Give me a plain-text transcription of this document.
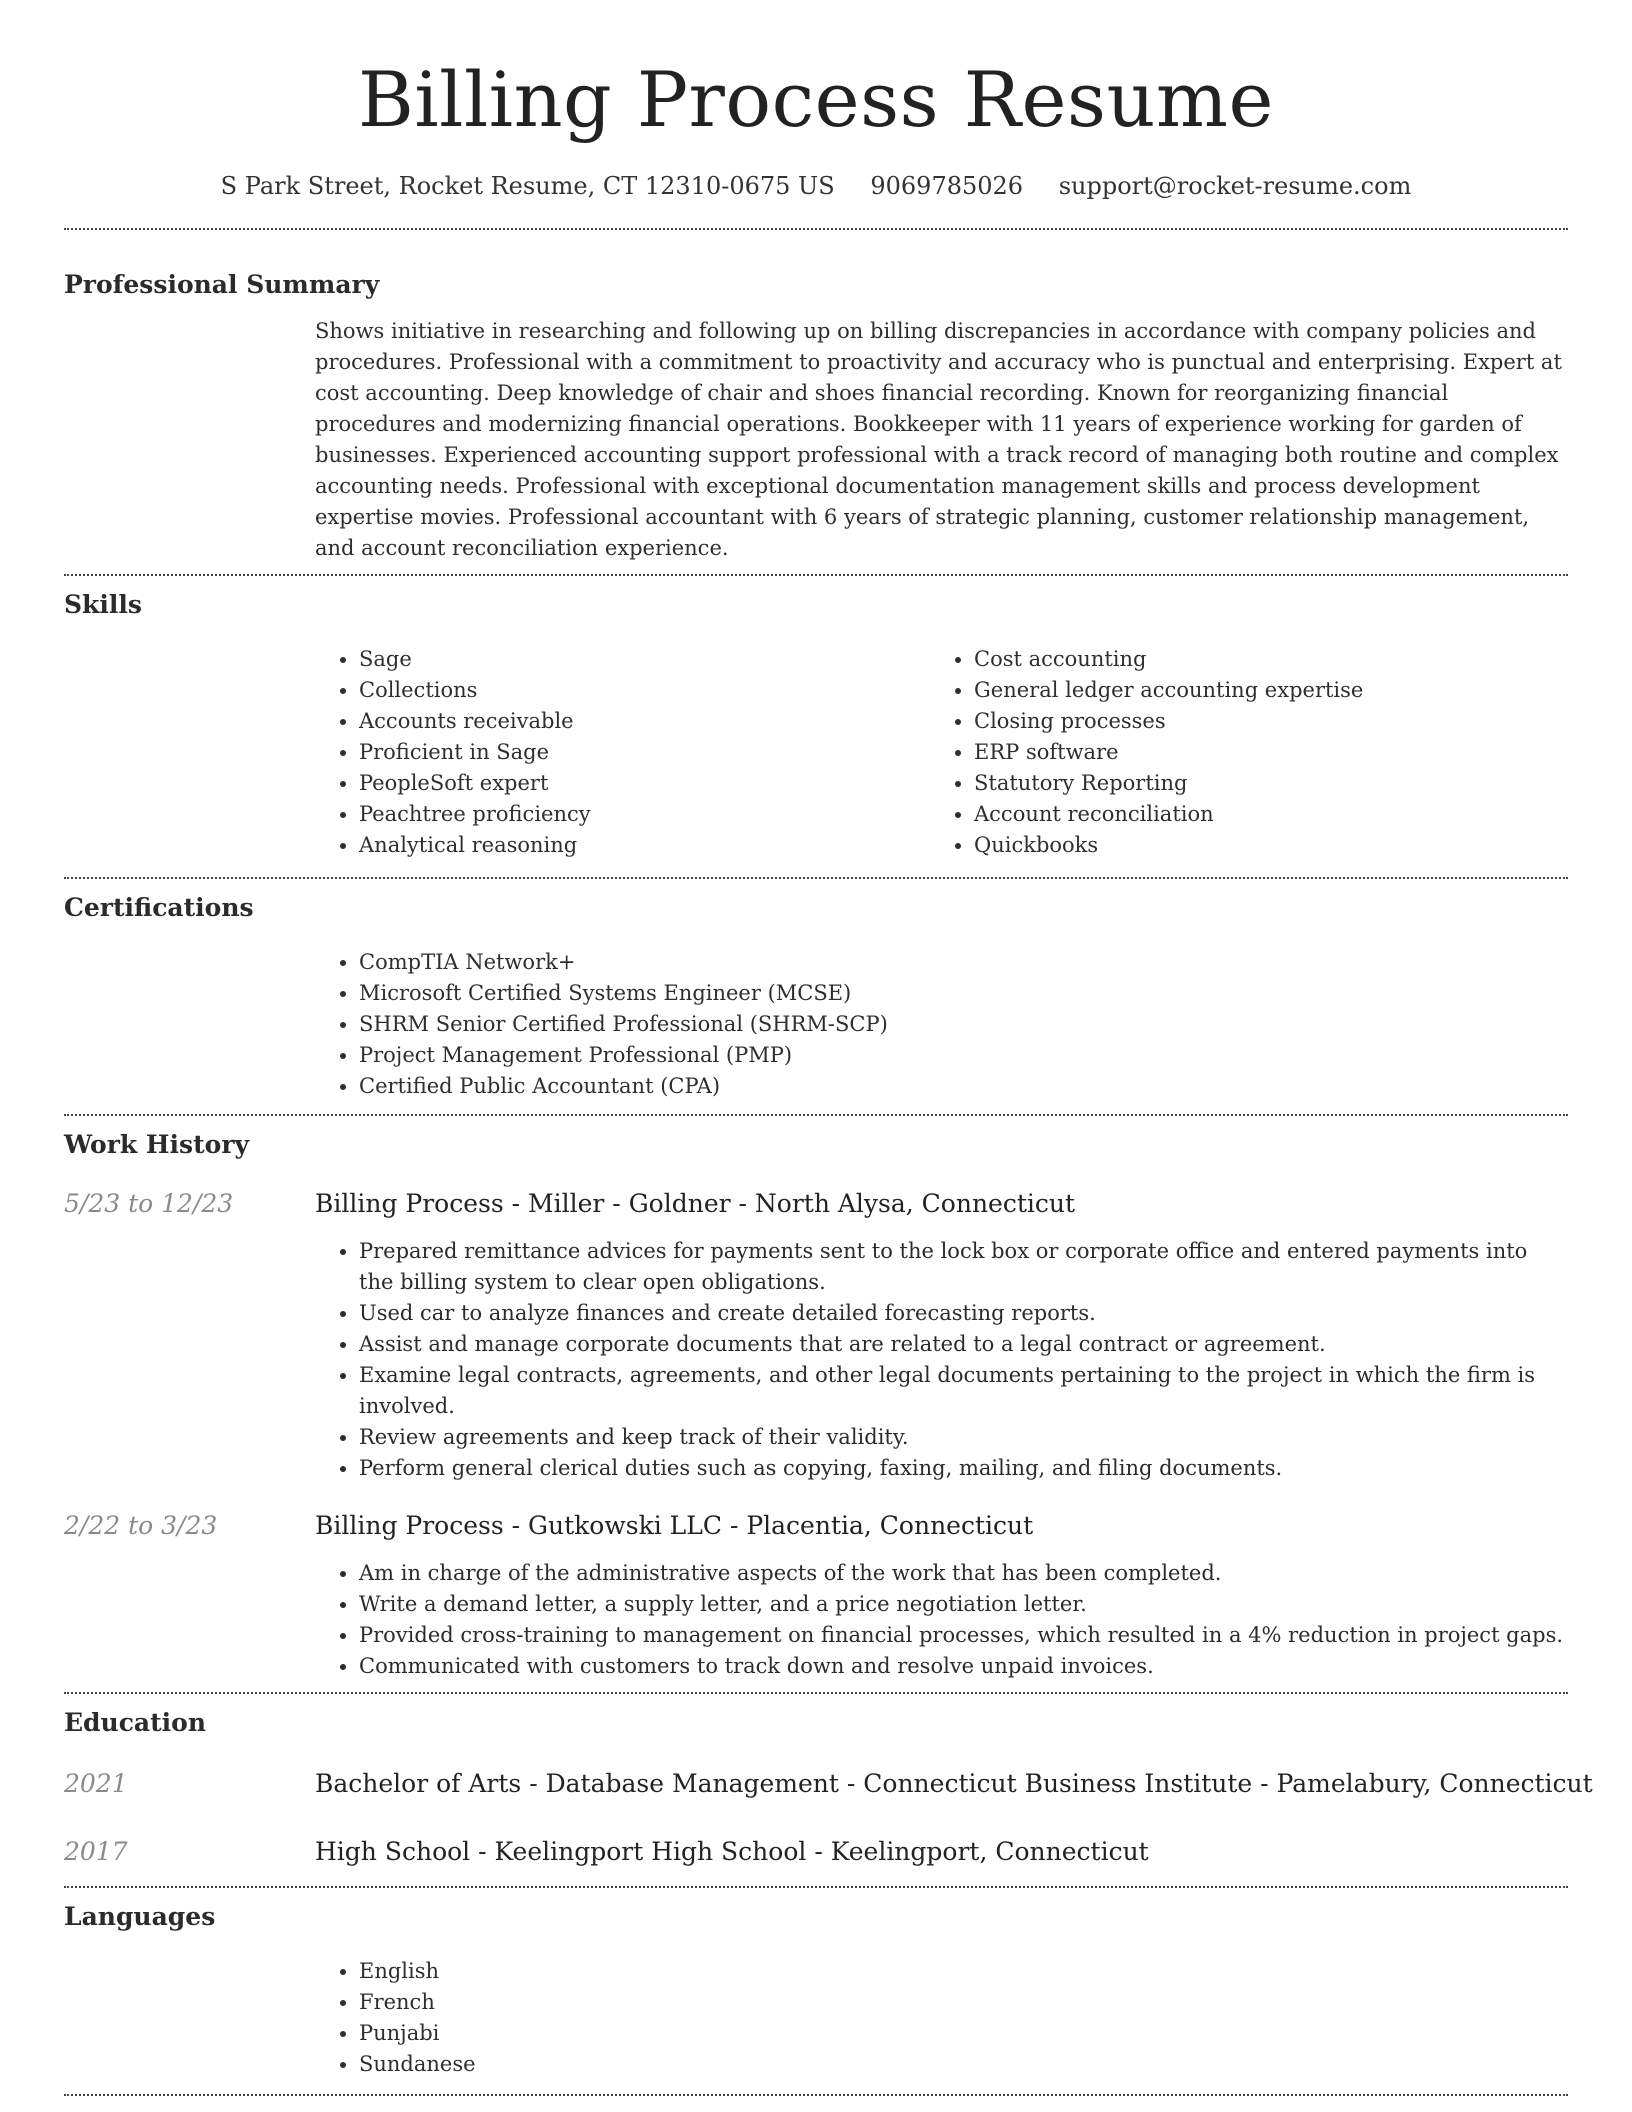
Billing Process Resume
S Park Street, Rocket Resume, CT 12310-0675 US 9069785026 support@rocket-resume.com
Professional Summary
Shows initiative in researching and following up on billing discrepancies in accordance with company policies and procedures. Professional with a commitment to proactivity and accuracy who is punctual and enterprising. Expert at cost accounting. Deep knowledge of chair and shoes financial recording. Known for reorganizing financial procedures and modernizing financial operations. Bookkeeper with 11 years of experience working for garden of businesses. Experienced accounting support professional with a track record of managing both routine and complex accounting needs. Professional with exceptional documentation management skills and process development expertise movies. Professional accountant with 6 years of strategic planning, customer relationship management, and account reconciliation experience.
Skills
• Sage
• Collections
• Accounts receivable
• Proficient in Sage
• PeopleSoft expert
• Peachtree proficiency
• Analytical reasoning
• Cost accounting
• General ledger accounting expertise
• Closing processes
• ERP software
• Statutory Reporting
• Account reconciliation
• Quickbooks
Certifications
• CompTIA Network+
• Microsoft Certified Systems Engineer (MCSE)
• SHRM Senior Certified Professional (SHRM-SCP)
• Project Management Professional (PMP)
• Certified Public Accountant (CPA)
Work History
5/23 to 12/23	Billing Process - Miller - Goldner - North Alysa, Connecticut
• Prepared remittance advices for payments sent to the lock box or corporate office and entered payments into the billing system to clear open obligations.
• Used car to analyze finances and create detailed forecasting reports.
• Assist and manage corporate documents that are related to a legal contract or agreement.
• Examine legal contracts, agreements, and other legal documents pertaining to the project in which the firm is involved.
• Review agreements and keep track of their validity.
• Perform general clerical duties such as copying, faxing, mailing, and filing documents.
2/22 to 3/23	Billing Process - Gutkowski LLC - Placentia, Connecticut
• Am in charge of the administrative aspects of the work that has been completed.
• Write a demand letter, a supply letter, and a price negotiation letter.
• Provided cross-training to management on financial processes, which resulted in a 4% reduction in project gaps.
• Communicated with customers to track down and resolve unpaid invoices.
Education
2021	Bachelor of Arts - Database Management - Connecticut Business Institute - Pamelabury, Connecticut
2017	High School - Keelingport High School - Keelingport, Connecticut
Languages
• English
• French
• Punjabi
• Sundanese
